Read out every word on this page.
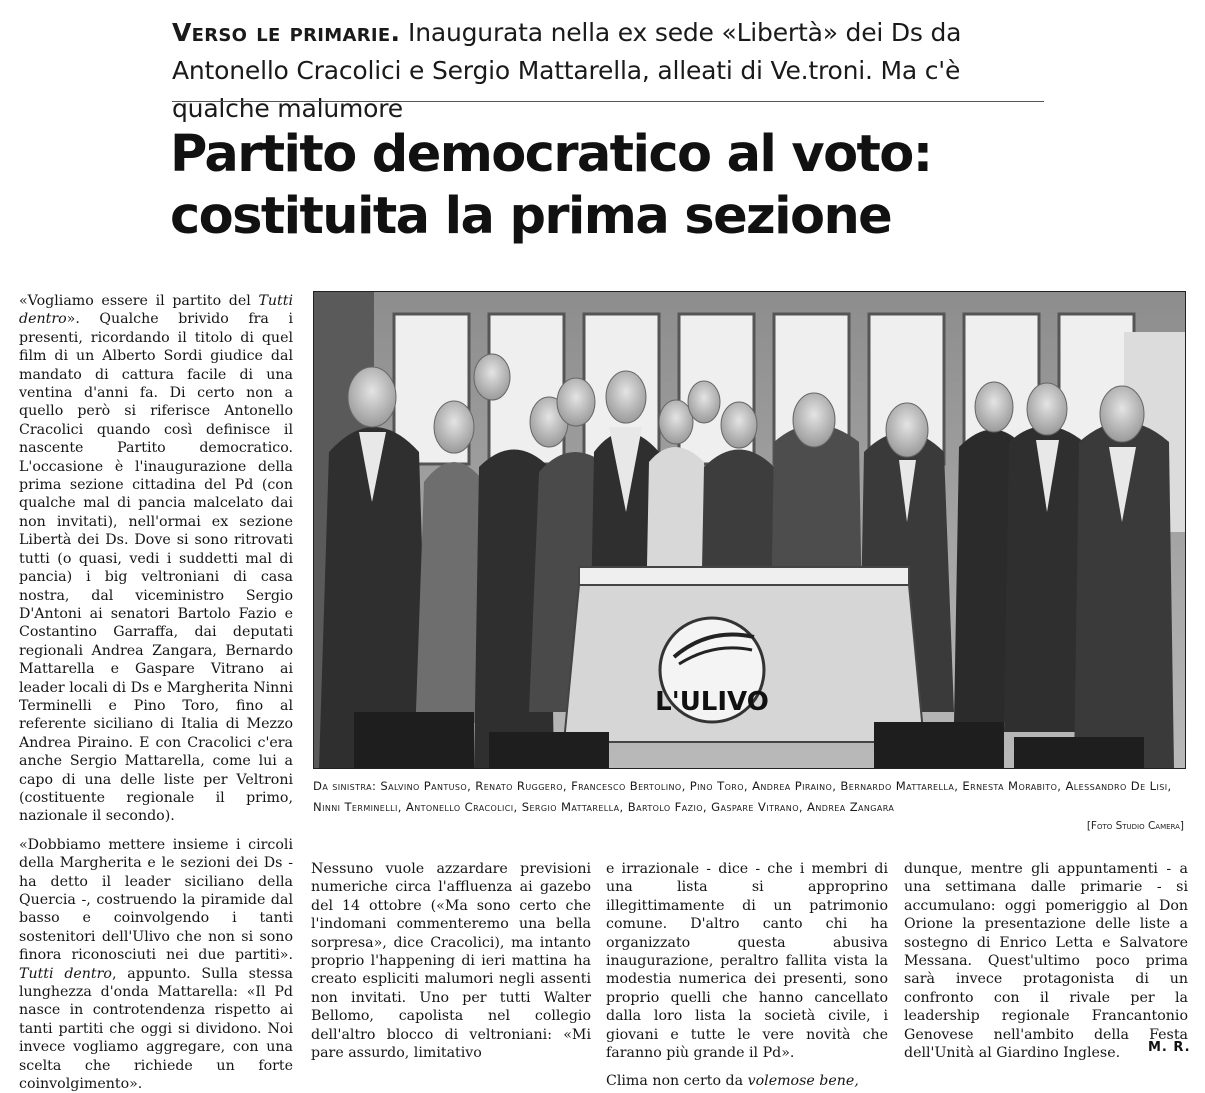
Verso le primarie. Inaugurata nella ex sede «Libertà» dei Ds da Antonello Cracolici e Sergio Mattarella, alleati di Ve.troni. Ma c'è qualche malumore
Partito democratico al voto:
costituita la prima sezione

«Vogliamo essere il partito del Tutti dentro». Qualche brivido fra i presenti, ricordando il titolo di quel film di un Alberto Sordi giudice dal mandato di cattura facile di una ventina d'anni fa. Di certo non a quello però si riferisce Antonello Cracolici quando così definisce il nascente Partito democratico. L'occasione è l'inaugurazione della prima sezione cittadina del Pd (con qualche mal di pancia malcelato dai non invitati), nell'ormai ex sezione Libertà dei Ds. Dove si sono ritrovati tutti (o quasi, vedi i suddetti mal di pancia) i big veltroniani di casa nostra, dal viceministro Sergio D'Antoni ai senatori Bartolo Fazio e Costantino Garraffa, dai deputati regionali Andrea Zangara, Bernardo Mattarella e Gaspare Vitrano ai leader locali di Ds e Margherita Ninni Terminelli e Pino Toro, fino al referente siciliano di Italia di Mezzo Andrea Piraino. E con Cracolici c'era anche Sergio Mattarella, come lui a capo di una delle liste per Veltroni (costituente regionale il primo, nazionale il secondo).

«Dobbiamo mettere insieme i circoli della Margherita e le sezioni dei Ds - ha detto il leader siciliano della Quercia -, costruendo la piramide dal basso e coinvolgendo i tanti sostenitori dell'Ulivo che non si sono finora riconosciuti nei due partiti». Tutti dentro, appunto. Sulla stessa lunghezza d'onda Mattarella: «Il Pd nasce in controtendenza rispetto ai tanti partiti che oggi si dividono. Noi invece vogliamo aggregare, con una scelta che richiede un forte coinvolgimento».

L'ULIVO
Da sinistra: Salvino Pantuso, Renato Ruggero, Francesco Bertolino, Pino Toro, Andrea Piraino, Bernardo Mattarella, Ernesta Morabito, Alessandro De Lisi, Ninni Terminelli, Antonello Cracolici, Sergio Mattarella, Bartolo Fazio, Gaspare Vitrano, Andrea Zangara
[Foto Studio Camera]

Nessuno vuole azzardare previsioni numeriche circa l'affluenza ai gazebo del 14 ottobre («Ma sono certo che l'indomani commenteremo una bella sorpresa», dice Cracolici), ma intanto proprio l'happening di ieri mattina ha creato espliciti malumori negli assenti non invitati. Uno per tutti Walter Bellomo, capolista nel collegio dell'altro blocco di veltroniani: «Mi pare assurdo, limitativo

e irrazionale - dice - che i membri di una lista si approprino illegittimamente di un patrimonio comune. D'altro canto chi ha organizzato questa abusiva inaugurazione, peraltro fallita vista la modestia numerica dei presenti, sono proprio quelli che hanno cancellato dalla loro lista la società civile, i giovani e tutte le vere novità che faranno più grande il Pd».

Clima non certo da volemose bene,

dunque, mentre gli appuntamenti - a una settimana dalle primarie - si accumulano: oggi pomeriggio al Don Orione la presentazione delle liste a sostegno di Enrico Letta e Salvatore Messana. Quest'ultimo poco prima sarà invece protagonista di un confronto con il rivale per la leadership regionale Francantonio Genovese nell'ambito della Festa dell'Unità al Giardino Inglese.	M. R.
